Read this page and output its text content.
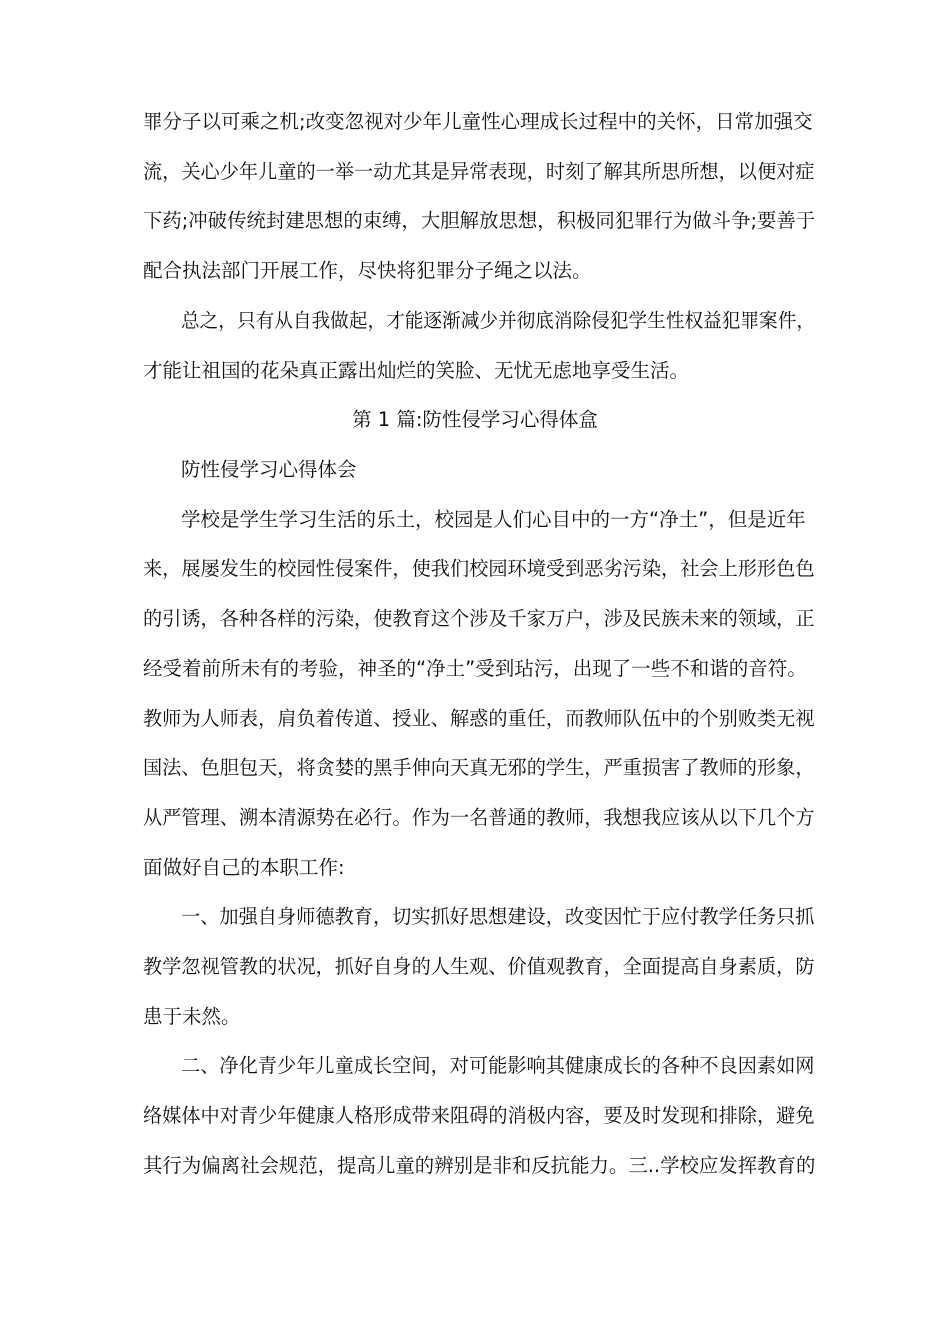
罪分子以可乘之机;改变忽视对少年儿童性心理成长过程中的关怀，日常加强交
流，关心少年儿童的一举一动尤其是异常表现，时刻了解其所思所想，以便对症
下药;冲破传统封建思想的束缚，大胆解放思想，积极同犯罪行为做斗争;要善于
配合执法部门开展工作，尽快将犯罪分子绳之以法。
总之，只有从自我做起，才能逐渐减少并彻底消除侵犯学生性权益犯罪案件，
才能让祖国的花朵真正露出灿烂的笑脸、无忧无虑地享受生活。
第 1 篇:防性侵学习心得体盒
防性侵学习心得体会
学校是学生学习生活的乐土，校园是人们心目中的一方“净土”，但是近年
来，展屡发生的校园性侵案件，使我们校园环境受到恶劣污染，社会上形形色色
的引诱，各种各样的污染，使教育这个涉及千家万户，涉及民族未来的领域，正
经受着前所未有的考验，神圣的“净土”受到玷污，出现了一些不和谐的音符。
教师为人师表，肩负着传道、授业、解惑的重任，而教师队伍中的个别败类无视
国法、色胆包天，将贪婪的黑手伸向天真无邪的学生，严重损害了教师的形象，
从严管理、溯本清源势在必行。作为一名普通的教师，我想我应该从以下几个方
面做好自己的本职工作:
一、加强自身师德教育，切实抓好思想建设，改变因忙于应付教学任务只抓
教学忽视管教的状况，抓好自身的人生观、价值观教育，全面提高自身素质，防
患于未然。
二、净化青少年儿童成长空间，对可能影响其健康成长的各种不良因素如网
络媒体中对青少年健康人格形成带来阻碍的消极内容，要及时发现和排除，避免
其行为偏离社会规范，提高儿童的辨别是非和反抗能力。三..学校应发挥教育的
